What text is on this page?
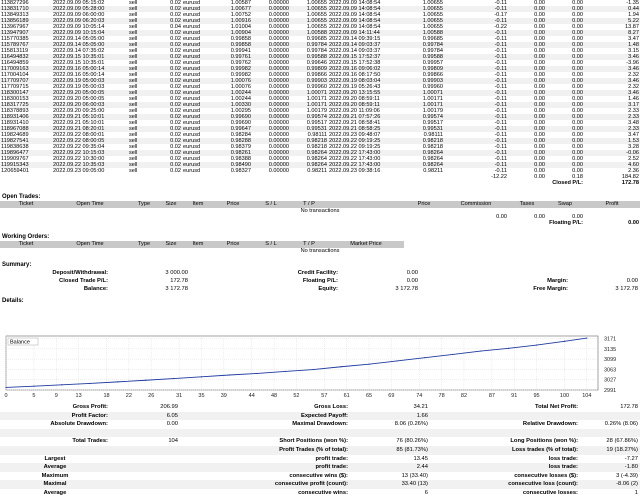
113827296	2022.09.09 05:15:02	sell	0.02	eurusd	1.00587	0.00000	1.00655	2022.09.09 14:08:54	1.00655	-0.11	0.00	0.00	-1.35
113831710	2022.09.09 05:28:00	sell	0.02	eurusd	1.00677	0.00000	1.00655	2022.09.09 14:08:54	1.00655	-0.11	0.00	0.00	0.44
113849313	2022.09.09 06:00:00	sell	0.02	eurusd	1.00752	0.00000	1.00655	2022.09.09 14:08:54	1.00655	-0.17	0.00	0.00	1.94
113856189	2022.09.09 06:20:03	sell	0.02	eurusd	1.00916	0.00000	1.00655	2022.09.09 14:08:54	1.00655	-0.11	0.00	0.00	5.22
113967967	2022.09.09 10:05:14	sell	0.04	eurusd	1.01004	0.00000	1.00655	2022.09.09 14:08:54	1.00655	-0.22	0.00	0.00	13.87
113947907	2022.09.09 10:15:04	sell	0.02	eurusd	1.00904	0.00000	1.00588	2022.09.09 14:11:44	1.00588	-0.11	0.00	0.00	8.27
115770385	2022.09.14 05:05:00	sell	0.02	eurusd	0.99858	0.00000	0.99685	2022.09.14 09:39:15	0.99685	-0.11	0.00	0.00	3.47
115789767	2022.09.14 05:05:00	sell	0.02	eurusd	0.99858	0.00000	0.99784	2022.09.14 09:03:37	0.99784	-0.11	0.00	0.00	1.48
115813119	2022.09.14 07:35:02	sell	0.02	eurusd	0.99941	0.00000	0.99784	2022.09.14 09:03:37	0.99784	-0.11	0.00	0.00	3.15
116494832	2022.09.15 10:35:01	sell	0.02	eurusd	0.99761	0.00000	0.99588	2022.09.15 17:52:37	0.99588	-0.11	0.00	0.00	3.46
116494859	2022.09.15 10:35:01	sell	0.02	eurusd	0.99762	0.00000	0.99646	2022.09.15 17:52:38	0.99957	-0.11	0.00	0.00	-3.96
117009163	2022.09.16 05:00:14	sell	0.02	eurusd	0.99982	0.00000	0.99809	2022.09.16 09:06:02	0.99809	-0.11	0.00	0.00	3.46
117004104	2022.09.16 05:00:14	sell	0.02	eurusd	0.99982	0.00000	0.99866	2022.09.16 08:17:50	0.99866	-0.11	0.00	0.00	2.32
117709707	2022.09.19 05:00:03	sell	0.02	eurusd	1.00076	0.00000	0.99903	2022.09.19 08:03:04	0.99903	-0.11	0.00	0.00	3.46
117709715	2022.09.19 05:00:03	sell	0.02	eurusd	1.00076	0.00000	0.99960	2022.09.19 05:26:43	0.99960	-0.11	0.00	0.00	2.32
118300147	2022.09.20 05:00:05	sell	0.02	eurusd	1.00244	0.00000	1.00071	2022.09.20 13:15:55	1.00071	-0.11	0.00	0.00	3.46
118300153	2022.09.20 05:00:05	sell	0.02	eurusd	1.00244	0.00000	1.00171	2022.09.20 08:59:11	1.00171	-0.11	0.00	0.00	1.46
118317725	2022.09.20 06:00:03	sell	0.02	eurusd	1.00330	0.00000	1.00171	2022.09.20 08:59:11	1.00171	-0.11	0.00	0.00	3.17
118378893	2022.09.20 09:25:00	sell	0.02	eurusd	1.00295	0.00000	1.00179	2022.09.20 11:09:06	1.00179	-0.11	0.00	0.00	2.33
118931406	2022.09.21 05:10:01	sell	0.02	eurusd	0.99690	0.00000	0.99574	2022.09.21 07:57:26	0.99574	-0.11	0.00	0.00	2.33
118931410	2022.09.21 05:10:01	sell	0.02	eurusd	0.99690	0.00000	0.99517	2022.09.21 08:58:41	0.99517	-0.11	0.00	0.00	3.48
118967088	2022.09.21 08:20:01	sell	0.02	eurusd	0.99647	0.00000	0.99531	2022.09.21 08:58:25	0.99531	-0.11	0.00	0.00	2.33
119824689	2022.09.22 08:00:01	sell	0.02	eurusd	0.98284	0.00000	0.98111	2022.09.23 09:48:07	0.98111	-0.11	0.00	0.00	3.47
119827541	2022.09.22 08:00:05	sell	0.02	eurusd	0.98288	0.00000	0.98218	2022.09.22 09:19:25	0.98218	-0.11	0.00	0.00	1.53
119838638	2022.09.22 09:35:04	sell	0.02	eurusd	0.98379	0.00000	0.98218	2022.09.22 09:19:25	0.98218	-0.11	0.00	0.00	3.28
119896477	2022.09.22 10:15:03	sell	0.02	eurusd	0.98261	0.00000	0.98264	2022.09.22 17:43:00	0.98264	-0.11	0.00	0.00	-0.06
119909767	2022.09.22 10:30:00	sell	0.02	eurusd	0.98388	0.00000	0.98264	2022.09.22 17:43:00	0.98264	-0.11	0.00	0.00	2.52
119915343	2022.09.22 10:35:03	sell	0.02	eurusd	0.98490	0.00000	0.98264	2022.09.22 17:43:00	0.98264	-0.11	0.00	0.00	4.60
120659401	2022.09.23 09:05:00	sell	0.02	eurusd	0.98327	0.00000	0.98211	2022.09.23 09:38:16	0.98211	-0.11	0.00	0.00	2.36
										-12.22	0.00	0.18	184.82
												Closed P/L:	172.78
Open Trades:
Ticket	Open Time	Type	Size	Item	Price	S / L	T / P		Price	Commission	Taxes	Swap	Profit
No transactions													
										0.00	0.00	0.00	
												Floating P/L:	0.00
Working Orders:
Ticket	Open Time	Type	Size	Item	Price	S / L	T / P	Market Price
No transactions
Summary:
Deposit/Withdrawal:	3 000.00	Credit Facility:	0.00		
Closed Trade P/L:	172.78	Floating P/L:	0.00	Margin:	0.00
Balance:	3 172.78	Equity:	3 172.78	Free Margin:	3 172.78
Details:
0	5	9	13	18	22	26	31	35	39	44	48	52	57	61	65	69	74	78	82	87	91	95	100 104
3171
3135
3099
3063
3027
2991
Balance
Gross Profit:	206.99	Gross Loss:	34.21	Total Net Profit:	172.78
Profit Factor:	6.05	Expected Payoff:	1.66		
Absolute Drawdown:	0.00	Maximal Drawdown:	8.06 (0.26%)	Relative Drawdown:	0.26% (8.06)

Total Trades:	104	Short Positions (won %):	76 (80.26%)	Long Positions (won %):	28 (67.86%)
		Profit Trades (% of total):	85 (81.73%)	Loss trades (% of total):	19 (18.27%)
Largest		profit trade:	13.45	loss trade:	-7.27
Average		profit trade:	2.44	loss trade:	-1.80
Maximum		consecutive wins ($):	13 (33.40)	consecutive losses ($):	3 (-4.39)
Maximal		consecutive profit (count):	33.40 (13)	consecutive loss (count):	-8.06 (2)
Average		consecutive wins:	6	consecutive losses:	1
